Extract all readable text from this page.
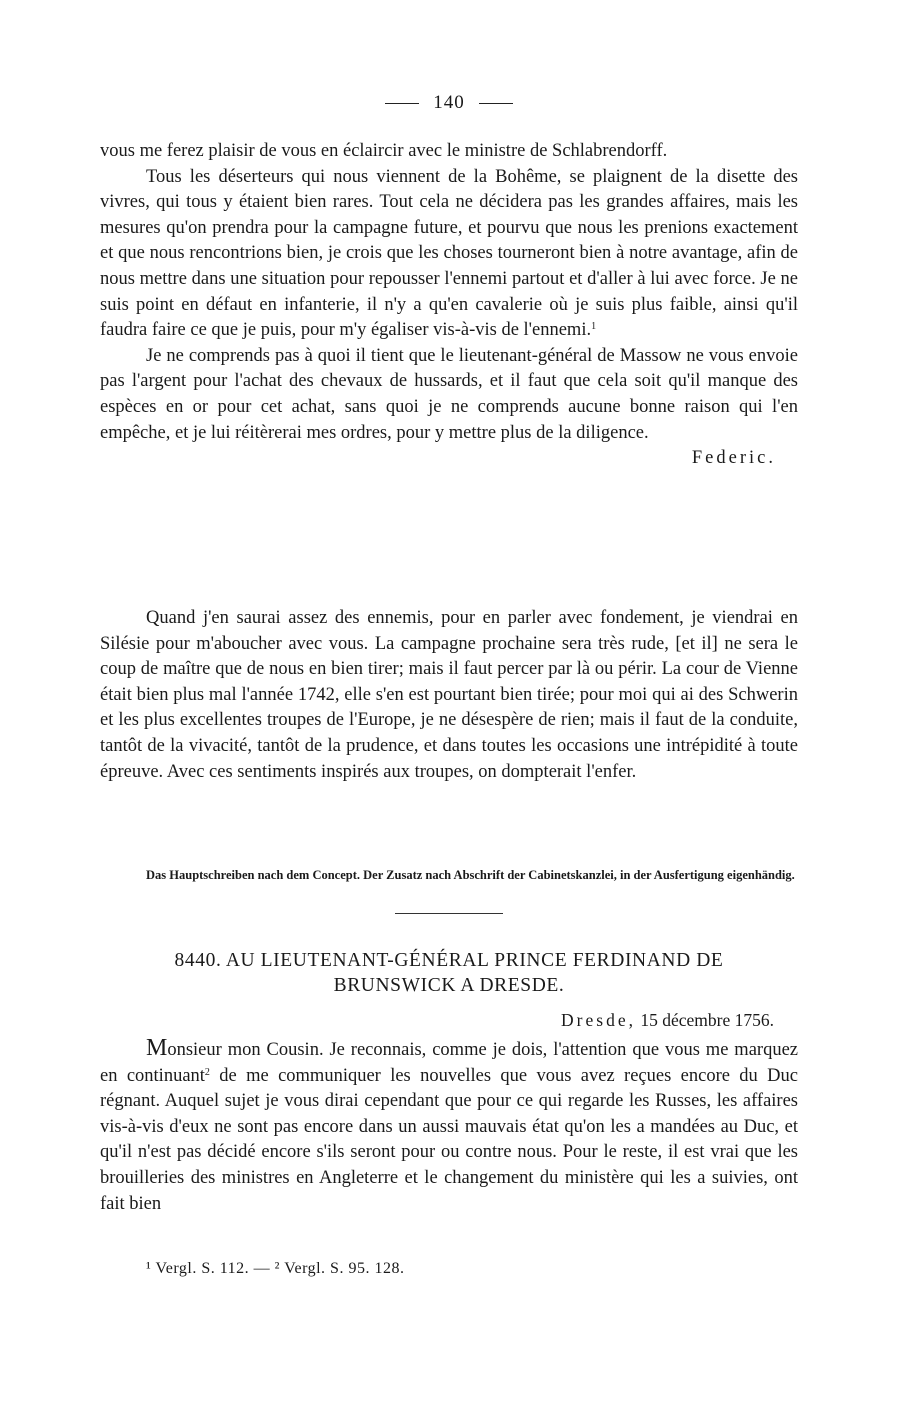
140

vous me ferez plaisir de vous en éclaircir avec le ministre de Schlabrendorff.

Tous les déserteurs qui nous viennent de la Bohême, se plaignent de la disette des vivres, qui tous y étaient bien rares. Tout cela ne décidera pas les grandes affaires, mais les mesures qu'on prendra pour la campagne future, et pourvu que nous les prenions exactement et que nous rencontrions bien, je crois que les choses tourneront bien à notre avantage, afin de nous mettre dans une situation pour repousser l'ennemi partout et d'aller à lui avec force. Je ne suis point en défaut en infanterie, il n'y a qu'en cavalerie où je suis plus faible, ainsi qu'il faudra faire ce que je puis, pour m'y égaliser vis-à-vis de l'ennemi.$^1$

Je ne comprends pas à quoi il tient que le lieutenant-général de Massow ne vous envoie pas l'argent pour l'achat des chevaux de hussards, et il faut que cela soit qu'il manque des espèces en or pour cet achat, sans quoi je ne comprends aucune bonne raison qui l'en empêche, et je lui réitèrerai mes ordres, pour y mettre plus de la diligence.

Federic.

Quand j'en saurai assez des ennemis, pour en parler avec fondement, je viendrai en Silésie pour m'aboucher avec vous. La campagne prochaine sera très rude, [et il] ne sera le coup de maître que de nous en bien tirer; mais il faut percer par là ou périr. La cour de Vienne était bien plus mal l'année 1742, elle s'en est pourtant bien tirée; pour moi qui ai des Schwerin et les plus excellentes troupes de l'Europe, je ne désespère de rien; mais il faut de la conduite, tantôt de la vivacité, tantôt de la prudence, et dans toutes les occasions une intrépidité à toute épreuve. Avec ces sentiments inspirés aux troupes, on dompterait l'enfer.

Das Hauptschreiben nach dem Concept. Der Zusatz nach Abschrift der Cabinetskanzlei, in der Ausfertigung eigenhändig.
8440. AU LIEUTENANT-GÉNÉRAL PRINCE FERDINAND DE
BRUNSWICK A DRESDE.
Dresde, 15 décembre 1756.

Monsieur mon Cousin. Je reconnais, comme je dois, l'attention que vous me marquez en continuant$^2$ de me communiquer les nouvelles que vous avez reçues encore du Duc régnant. Auquel sujet je vous dirai cependant que pour ce qui regarde les Russes, les affaires vis-à-vis d'eux ne sont pas encore dans un aussi mauvais état qu'on les a mandées au Duc, et qu'il n'est pas décidé encore s'ils seront pour ou contre nous. Pour le reste, il est vrai que les brouilleries des ministres en Angleterre et le changement du ministère qui les a suivies, ont fait bien

¹ Vergl. S. 112. — ² Vergl. S. 95. 128.
